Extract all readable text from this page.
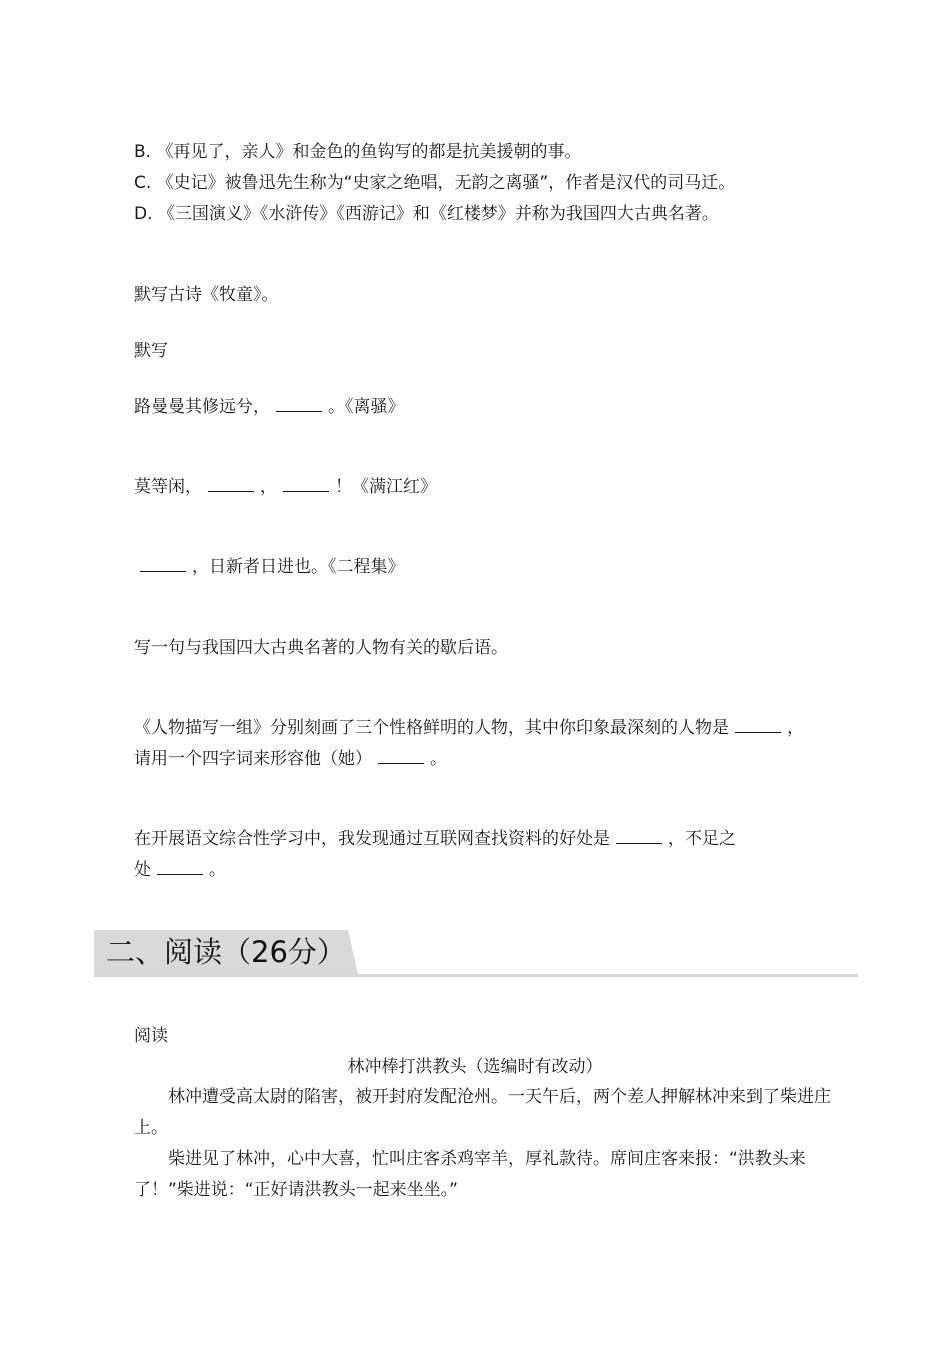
B. 《再见了，亲人》和金色的鱼钩写的都是抗美援朝的事。
C. 《史记》被鲁迅先生称为“史家之绝唱，无韵之离骚”，作者是汉代的司马迁。
D. 《三国演义》《水浒传》《西游记》和《红楼梦》并称为我国四大古典名著。
默写古诗《牧童》。
默写
路曼曼其修远兮，	。《离骚》
莫等闲，	，	！《满江红》
，日新者日进也。《二程集》
写一句与我国四大古典名著的人物有关的歇后语。
《人物描写一组》分别刻画了三个性格鲜明的人物，其中你印象最深刻的人物是	，
请用一个四字词来形容他（她）	。
在开展语文综合性学习中，我发现通过互联网查找资料的好处是	，不足之
处	。
二、阅读（26分）
阅读
林冲棒打洪教头（选编时有改动）
林冲遭受高太尉的陷害，被开封府发配沧州。一天午后，两个差人押解林冲来到了柴进庄上。
柴进见了林冲，心中大喜，忙叫庄客杀鸡宰羊，厚礼款待。席间庄客来报：“洪教头来了！”柴进说：“正好请洪教头一起来坐坐。”
